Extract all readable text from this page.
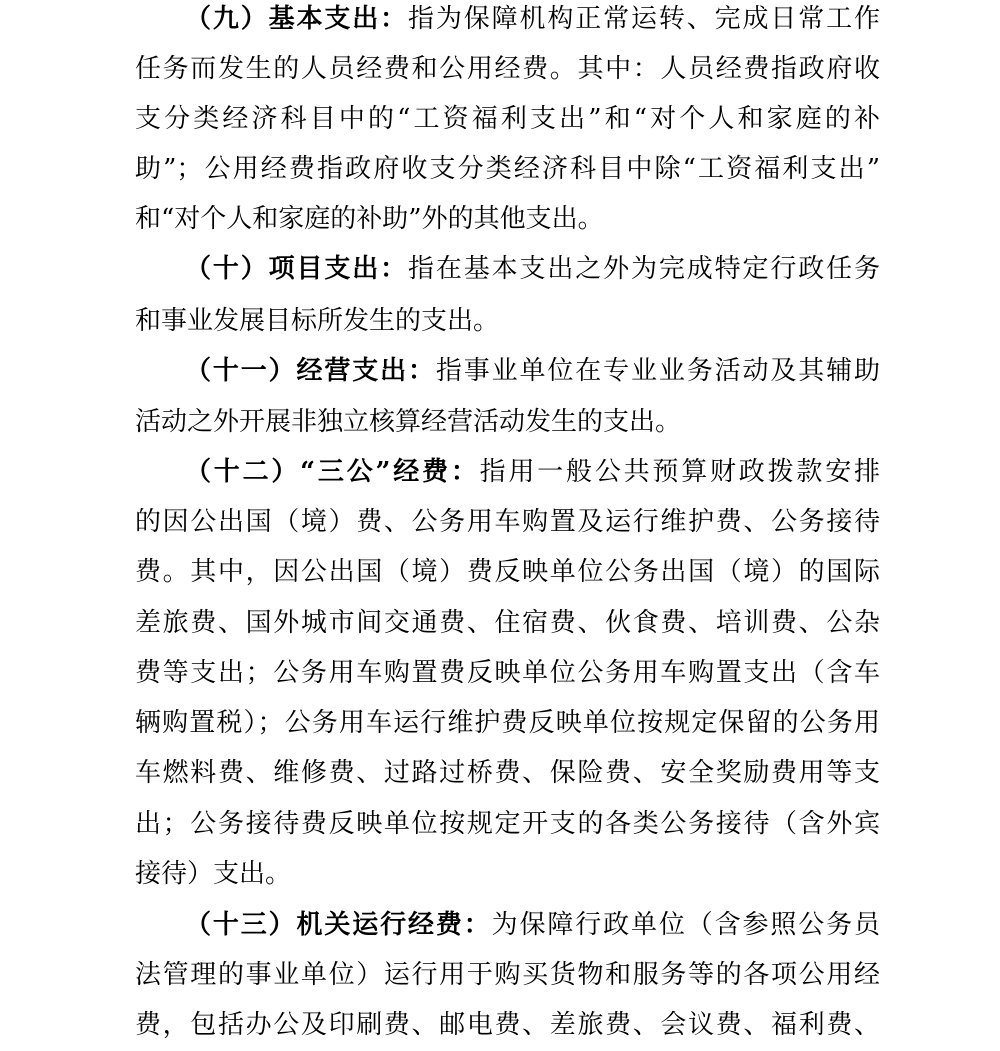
（九）基本支出：指为保障机构正常运转、完成日常工作
任务而发生的人员经费和公用经费。其中：人员经费指政府收
支分类经济科目中的“工资福利支出”和“对个人和家庭的补
助”；公用经费指政府收支分类经济科目中除“工资福利支出”
和“对个人和家庭的补助”外的其他支出。
（十）项目支出：指在基本支出之外为完成特定行政任务
和事业发展目标所发生的支出。
（十一）经营支出：指事业单位在专业业务活动及其辅助
活动之外开展非独立核算经营活动发生的支出。
（十二）“三公”经费：指用一般公共预算财政拨款安排
的因公出国（境）费、公务用车购置及运行维护费、公务接待
费。其中，因公出国（境）费反映单位公务出国（境）的国际
差旅费、国外城市间交通费、住宿费、伙食费、培训费、公杂
费等支出；公务用车购置费反映单位公务用车购置支出（含车
辆购置税）；公务用车运行维护费反映单位按规定保留的公务用
车燃料费、维修费、过路过桥费、保险费、安全奖励费用等支
出；公务接待费反映单位按规定开支的各类公务接待（含外宾
接待）支出。
（十三）机关运行经费：为保障行政单位（含参照公务员
法管理的事业单位）运行用于购买货物和服务等的各项公用经
费，包括办公及印刷费、邮电费、差旅费、会议费、福利费、
